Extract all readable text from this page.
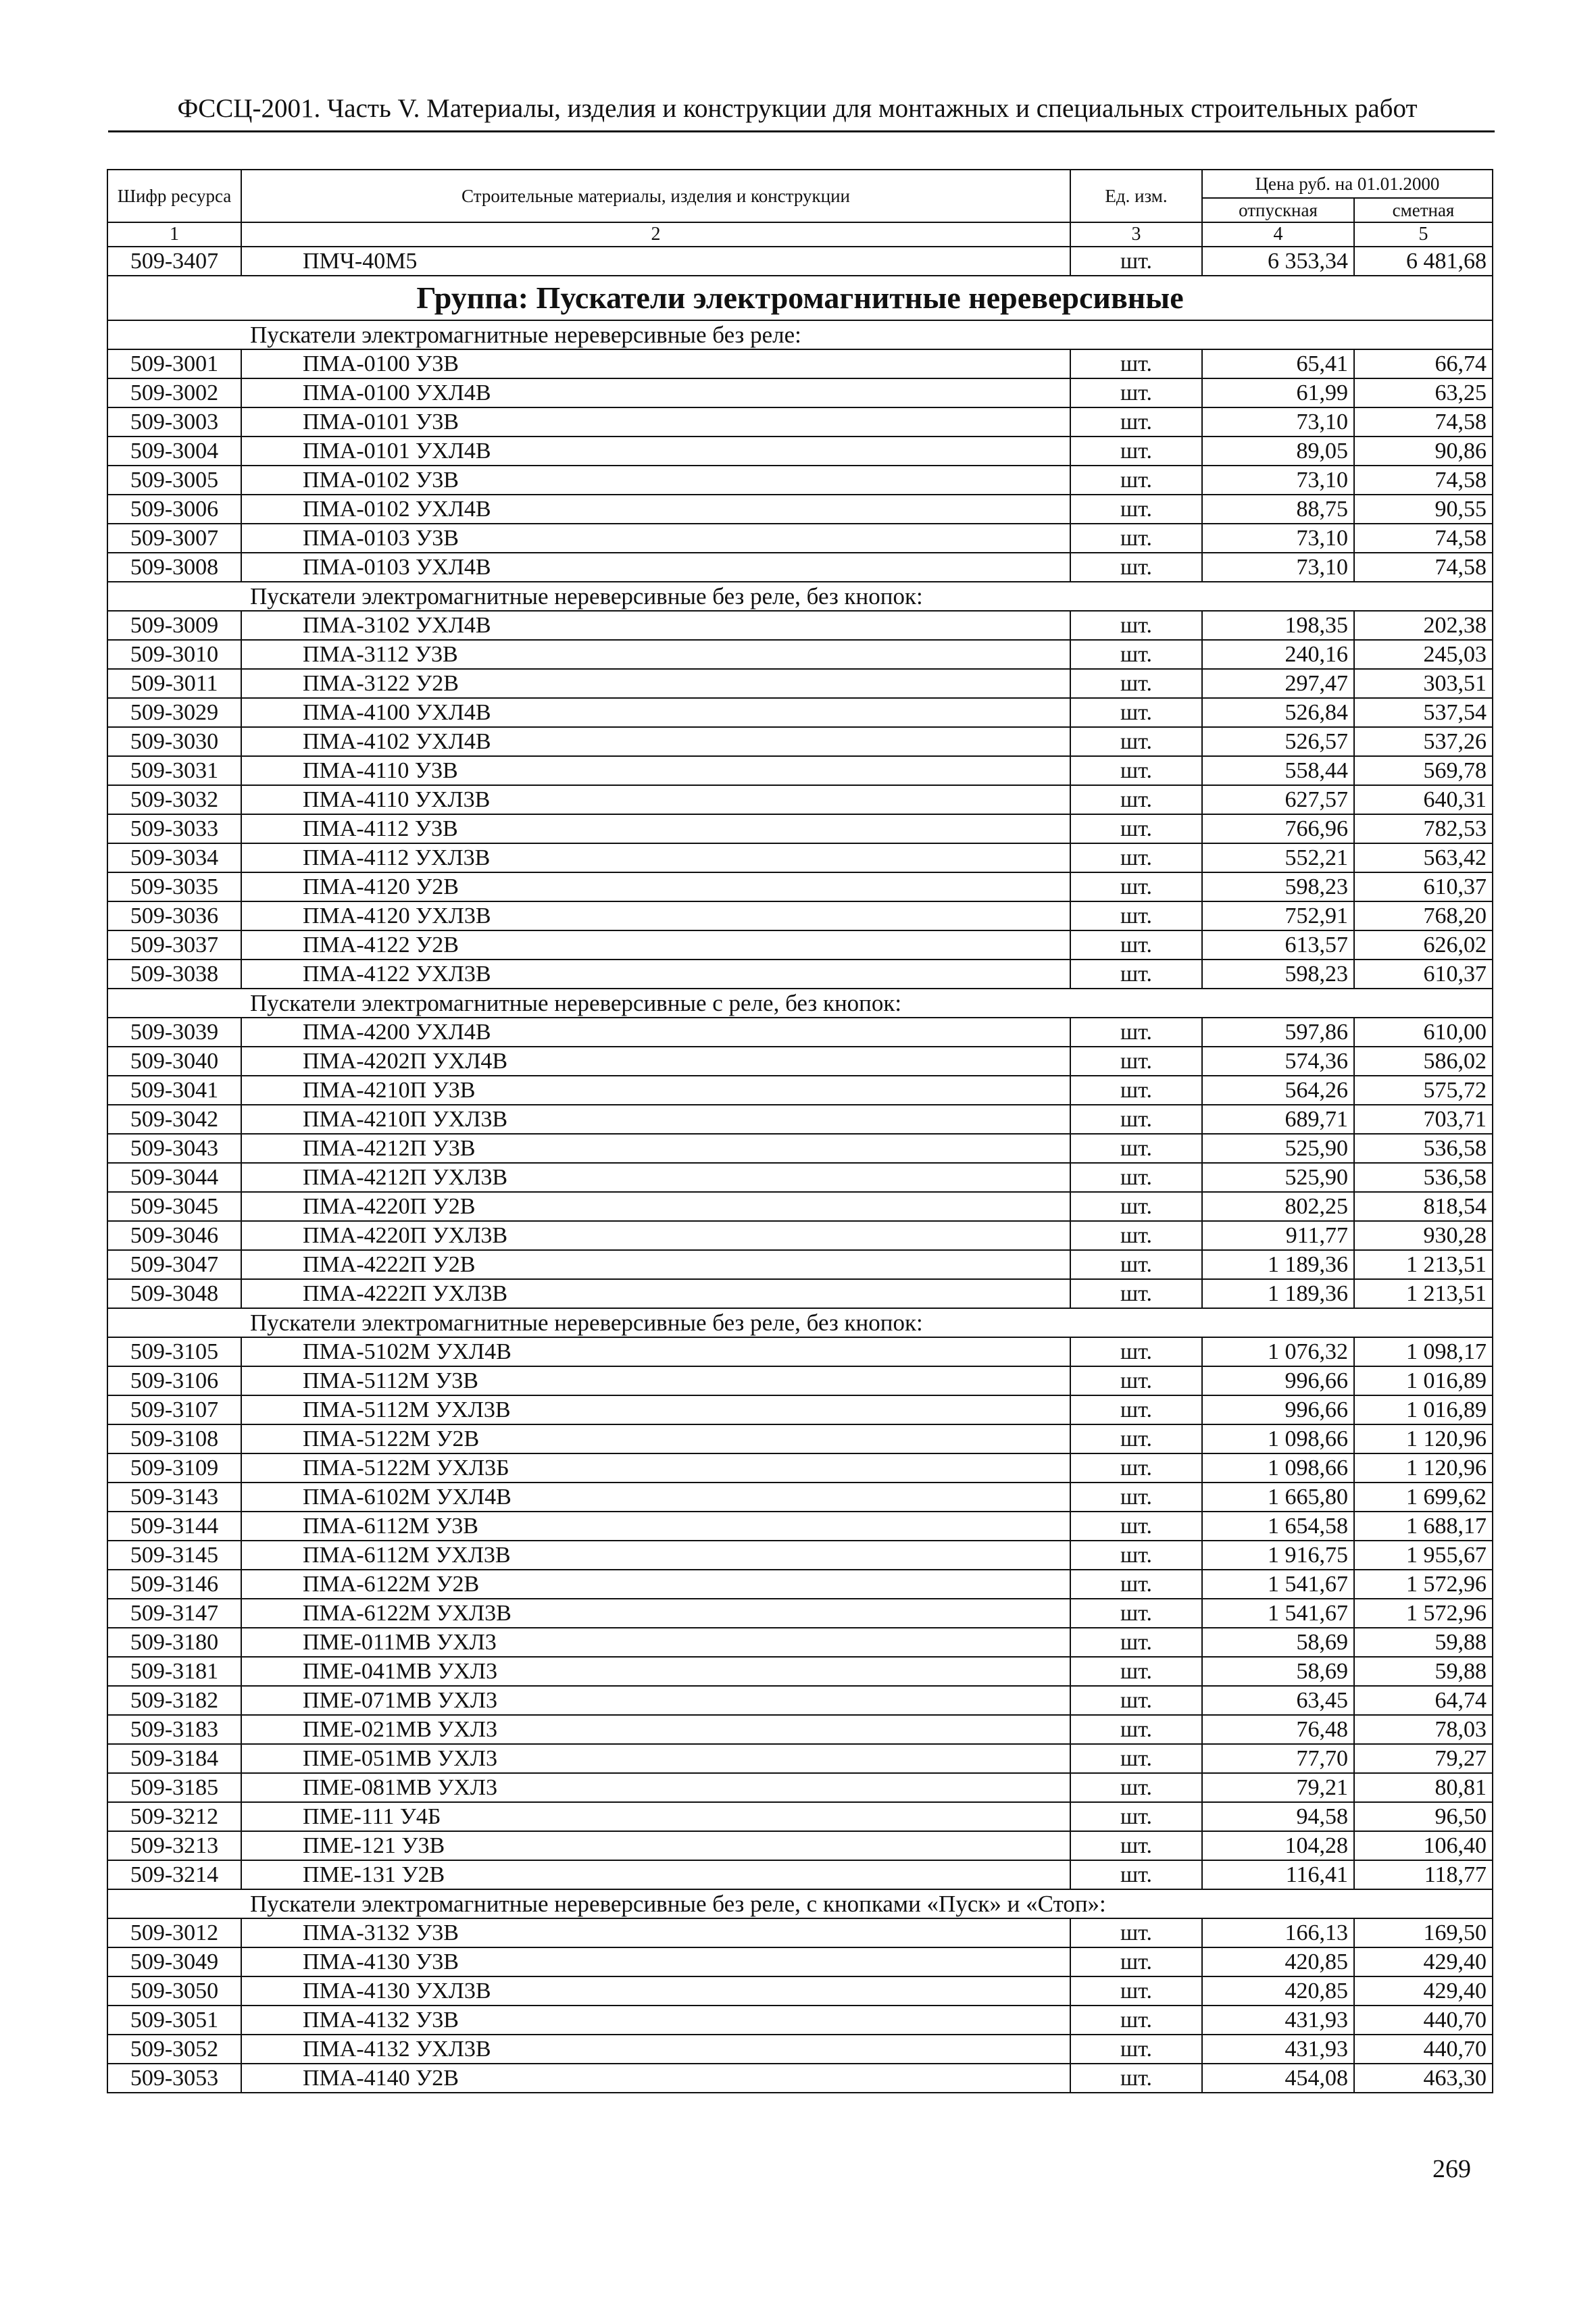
ФССЦ-2001. Часть V. Материалы, изделия и конструкции для монтажных и специальных строительных работ
Шифр ресурса	Строительные материалы, изделия и конструкции	Ед. изм.	Цена руб. на 01.01.2000	
			отпускная	сметная
1	2	3	4	5
509-3407	ПМЧ-40М5	шт.	6 353,34	6 481,68
Группа: Пускатели электромагнитные нереверсивные				
Пускатели электромагнитные нереверсивные без реле:				
509-3001	ПМА-0100 У3В	шт.	65,41	66,74
509-3002	ПМА-0100 УХЛ4В	шт.	61,99	63,25
509-3003	ПМА-0101 У3В	шт.	73,10	74,58
509-3004	ПМА-0101 УХЛ4В	шт.	89,05	90,86
509-3005	ПМА-0102 У3В	шт.	73,10	74,58
509-3006	ПМА-0102 УХЛ4В	шт.	88,75	90,55
509-3007	ПМА-0103 У3В	шт.	73,10	74,58
509-3008	ПМА-0103 УХЛ4В	шт.	73,10	74,58
Пускатели электромагнитные нереверсивные без реле, без кнопок:				
509-3009	ПМА-3102 УХЛ4В	шт.	198,35	202,38
509-3010	ПМА-3112 У3В	шт.	240,16	245,03
509-3011	ПМА-3122 У2В	шт.	297,47	303,51
509-3029	ПМА-4100 УХЛ4В	шт.	526,84	537,54
509-3030	ПМА-4102 УХЛ4В	шт.	526,57	537,26
509-3031	ПМА-4110 У3В	шт.	558,44	569,78
509-3032	ПМА-4110 УХЛ3В	шт.	627,57	640,31
509-3033	ПМА-4112 У3В	шт.	766,96	782,53
509-3034	ПМА-4112 УХЛ3В	шт.	552,21	563,42
509-3035	ПМА-4120 У2В	шт.	598,23	610,37
509-3036	ПМА-4120 УХЛ3В	шт.	752,91	768,20
509-3037	ПМА-4122 У2В	шт.	613,57	626,02
509-3038	ПМА-4122 УХЛ3В	шт.	598,23	610,37
Пускатели электромагнитные нереверсивные с реле, без кнопок:				
509-3039	ПМА-4200 УХЛ4В	шт.	597,86	610,00
509-3040	ПМА-4202П УХЛ4В	шт.	574,36	586,02
509-3041	ПМА-4210П У3В	шт.	564,26	575,72
509-3042	ПМА-4210П УХЛ3В	шт.	689,71	703,71
509-3043	ПМА-4212П У3В	шт.	525,90	536,58
509-3044	ПМА-4212П УХЛ3В	шт.	525,90	536,58
509-3045	ПМА-4220П У2В	шт.	802,25	818,54
509-3046	ПМА-4220П УХЛ3В	шт.	911,77	930,28
509-3047	ПМА-4222П У2В	шт.	1 189,36	1 213,51
509-3048	ПМА-4222П УХЛ3В	шт.	1 189,36	1 213,51
Пускатели электромагнитные нереверсивные без реле, без кнопок:				
509-3105	ПМА-5102М УХЛ4В	шт.	1 076,32	1 098,17
509-3106	ПМА-5112М У3В	шт.	996,66	1 016,89
509-3107	ПМА-5112М УХЛ3В	шт.	996,66	1 016,89
509-3108	ПМА-5122М У2В	шт.	1 098,66	1 120,96
509-3109	ПМА-5122М УХЛ3Б	шт.	1 098,66	1 120,96
509-3143	ПМА-6102М УХЛ4В	шт.	1 665,80	1 699,62
509-3144	ПМА-6112М У3В	шт.	1 654,58	1 688,17
509-3145	ПМА-6112М УХЛ3В	шт.	1 916,75	1 955,67
509-3146	ПМА-6122М У2В	шт.	1 541,67	1 572,96
509-3147	ПМА-6122М УХЛ3В	шт.	1 541,67	1 572,96
509-3180	ПМЕ-011МВ УХЛ3	шт.	58,69	59,88
509-3181	ПМЕ-041МВ УХЛ3	шт.	58,69	59,88
509-3182	ПМЕ-071МВ УХЛ3	шт.	63,45	64,74
509-3183	ПМЕ-021МВ УХЛ3	шт.	76,48	78,03
509-3184	ПМЕ-051МВ УХЛ3	шт.	77,70	79,27
509-3185	ПМЕ-081МВ УХЛ3	шт.	79,21	80,81
509-3212	ПМЕ-111 У4Б	шт.	94,58	96,50
509-3213	ПМЕ-121 У3В	шт.	104,28	106,40
509-3214	ПМЕ-131 У2В	шт.	116,41	118,77
Пускатели электромагнитные нереверсивные без реле, с кнопками «Пуск» и «Стоп»:				
509-3012	ПМА-3132 У3В	шт.	166,13	169,50
509-3049	ПМА-4130 У3В	шт.	420,85	429,40
509-3050	ПМА-4130 УХЛ3В	шт.	420,85	429,40
509-3051	ПМА-4132 У3В	шт.	431,93	440,70
509-3052	ПМА-4132 УХЛ3В	шт.	431,93	440,70
509-3053	ПМА-4140 У2В	шт.	454,08	463,30
269
